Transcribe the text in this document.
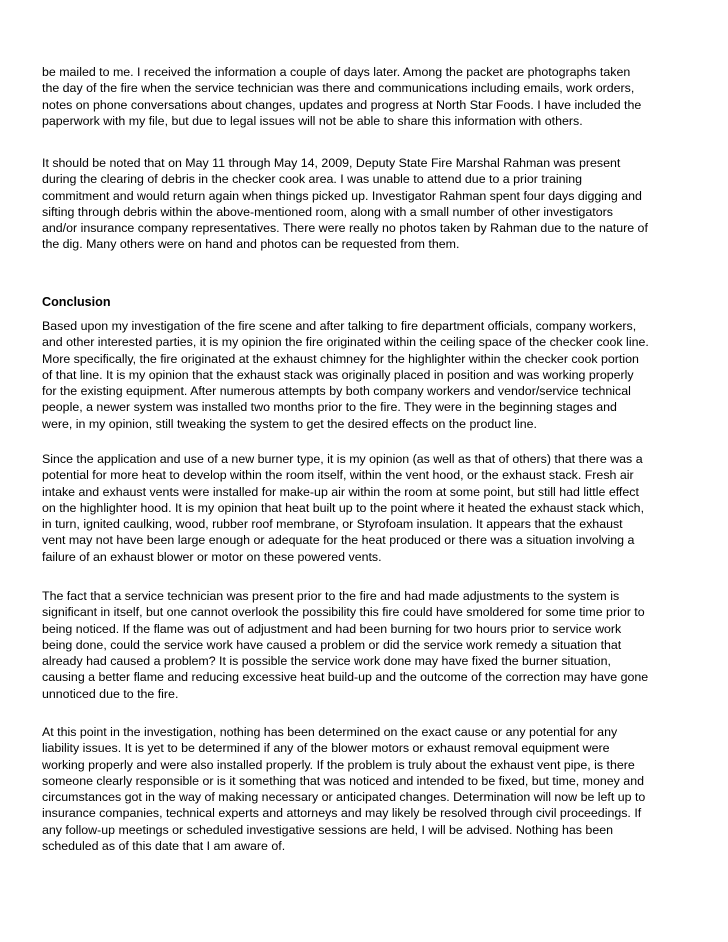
be mailed to me. I received the information a couple of days later. Among the packet are photographs taken
the day of the fire when the service technician was there and communications including emails, work orders,
notes on phone conversations about changes, updates and progress at North Star Foods. I have included the
paperwork with my file, but due to legal issues will not be able to share this information with others.

It should be noted that on May 11 through May 14, 2009, Deputy State Fire Marshal Rahman was present
during the clearing of debris in the checker cook area. I was unable to attend due to a prior training
commitment and would return again when things picked up. Investigator Rahman spent four days digging and
sifting through debris within the above-mentioned room, along with a small number of other investigators
and/or insurance company representatives. There were really no photos taken by Rahman due to the nature of
the dig. Many others were on hand and photos can be requested from them.

Conclusion

Based upon my investigation of the fire scene and after talking to fire department officials, company workers,
and other interested parties, it is my opinion the fire originated within the ceiling space of the checker cook line.
More specifically, the fire originated at the exhaust chimney for the highlighter within the checker cook portion
of that line. It is my opinion that the exhaust stack was originally placed in position and was working properly
for the existing equipment. After numerous attempts by both company workers and vendor/service technical
people, a newer system was installed two months prior to the fire. They were in the beginning stages and
were, in my opinion, still tweaking the system to get the desired effects on the product line.

Since the application and use of a new burner type, it is my opinion (as well as that of others) that there was a
potential for more heat to develop within the room itself, within the vent hood, or the exhaust stack. Fresh air
intake and exhaust vents were installed for make-up air within the room at some point, but still had little effect
on the highlighter hood. It is my opinion that heat built up to the point where it heated the exhaust stack which,
in turn, ignited caulking, wood, rubber roof membrane, or Styrofoam insulation. It appears that the exhaust
vent may not have been large enough or adequate for the heat produced or there was a situation involving a
failure of an exhaust blower or motor on these powered vents.

The fact that a service technician was present prior to the fire and had made adjustments to the system is
significant in itself, but one cannot overlook the possibility this fire could have smoldered for some time prior to
being noticed. If the flame was out of adjustment and had been burning for two hours prior to service work
being done, could the service work have caused a problem or did the service work remedy a situation that
already had caused a problem? It is possible the service work done may have fixed the burner situation,
causing a better flame and reducing excessive heat build-up and the outcome of the correction may have gone
unnoticed due to the fire.

At this point in the investigation, nothing has been determined on the exact cause or any potential for any
liability issues. It is yet to be determined if any of the blower motors or exhaust removal equipment were
working properly and were also installed properly. If the problem is truly about the exhaust vent pipe, is there
someone clearly responsible or is it something that was noticed and intended to be fixed, but time, money and
circumstances got in the way of making necessary or anticipated changes. Determination will now be left up to
insurance companies, technical experts and attorneys and may likely be resolved through civil proceedings. If
any follow-up meetings or scheduled investigative sessions are held, I will be advised. Nothing has been
scheduled as of this date that I am aware of.
